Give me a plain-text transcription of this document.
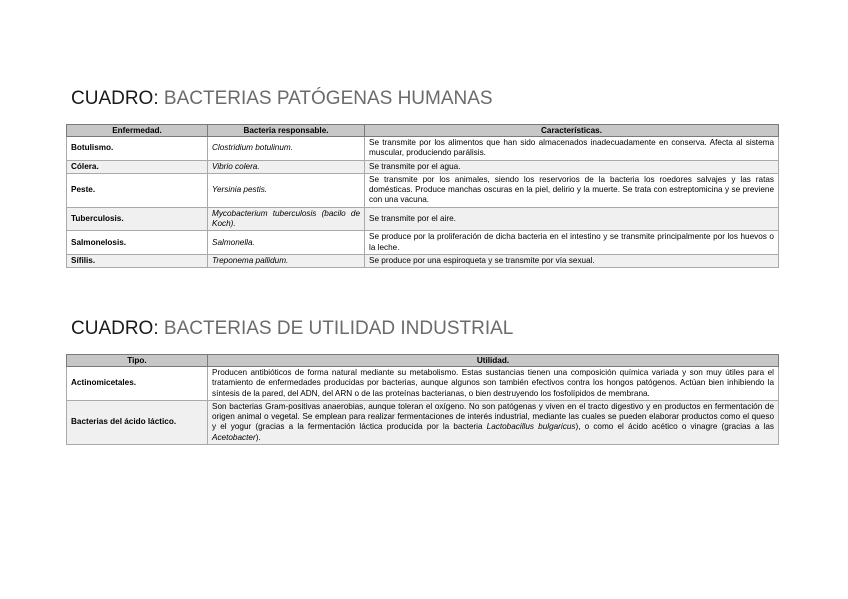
CUADRO: BACTERIAS PATÓGENAS HUMANAS
Enfermedad.	Bacteria responsable.	Características.
Botulismo.	Clostridium botulinum.	Se transmite por los alimentos que han sido almacenados inadecuadamente en conserva. Afecta al sistema muscular, produciendo parálisis.
Cólera.	Vibrio colera.	Se transmite por el agua.
Peste.	Yersinia pestis.	Se transmite por los animales, siendo los reservorios de la bacteria los roedores salvajes y las ratas domésticas. Produce manchas oscuras en la piel, delirio y la muerte. Se trata con estreptomicina y se previene con una vacuna.
Tuberculosis.	Mycobacterium tuberculosis (bacilo de Koch).	Se transmite por el aire.
Salmonelosis.	Salmonella.	Se produce por la proliferación de dicha bacteria en el intestino y se transmite principalmente por los huevos o la leche.
Sífilis.	Treponema pallidum.	Se produce por una espiroqueta y se transmite por vía sexual.
CUADRO: BACTERIAS DE UTILIDAD INDUSTRIAL
Tipo.	Utilidad.
Actinomicetales.	Producen antibióticos de forma natural mediante su metabolismo. Estas sustancias tienen una composición química variada y son muy útiles para el tratamiento de enfermedades producidas por bacterias, aunque algunos son también efectivos contra los hongos patógenos. Actúan bien inhibiendo la síntesis de la pared, del ADN, del ARN o de las proteínas bacterianas, o bien destruyendo los fosfolípidos de membrana.
Bacterias del ácido láctico.	Son bacterias Gram-positivas anaerobias, aunque toleran el oxígeno. No son patógenas y viven en el tracto digestivo y en productos en fermentación de origen animal o vegetal. Se emplean para realizar fermentaciones de interés industrial, mediante las cuales se pueden elaborar productos como el queso y el yogur (gracias a la fermentación láctica producida por la bacteria Lactobacillus bulgaricus), o como el ácido acético o vinagre (gracias a las Acetobacter).
